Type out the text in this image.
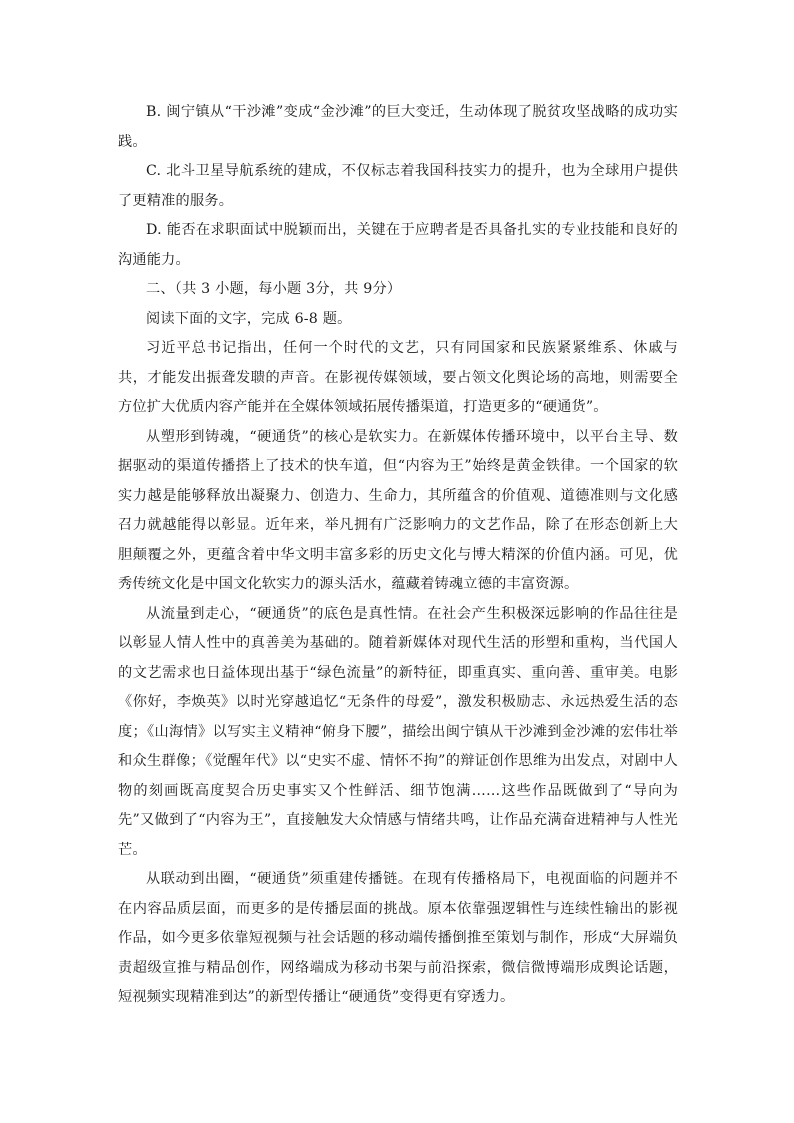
B. 闽宁镇从“干沙滩”变成“金沙滩”的巨大变迁，生动体现了脱贫攻坚战略的成功实践。

C. 北斗卫星导航系统的建成，不仅标志着我国科技实力的提升，也为全球用户提供了更精准的服务。

D. 能否在求职面试中脱颖而出，关键在于应聘者是否具备扎实的专业技能和良好的沟通能力。

二、（共 3 小题，每小题 3分，共 9分）

阅读下面的文字，完成 6-8 题。

习近平总书记指出，任何一个时代的文艺，只有同国家和民族紧紧维系、休戚与共，才能发出振聋发聩的声音。在影视传媒领域，要占领文化舆论场的高地，则需要全方位扩大优质内容产能并在全媒体领域拓展传播渠道，打造更多的“硬通货”。

从塑形到铸魂，“硬通货”的核心是软实力。在新媒体传播环境中，以平台主导、数据驱动的渠道传播搭上了技术的快车道，但“内容为王”始终是黄金铁律。一个国家的软实力越是能够释放出凝聚力、创造力、生命力，其所蕴含的价值观、道德准则与文化感召力就越能得以彰显。近年来，举凡拥有广泛影响力的文艺作品，除了在形态创新上大胆颠覆之外，更蕴含着中华文明丰富多彩的历史文化与博大精深的价值内涵。可见，优秀传统文化是中国文化软实力的源头活水，蕴藏着铸魂立德的丰富资源。

从流量到走心，“硬通货”的底色是真性情。在社会产生积极深远影响的作品往往是以彰显人情人性中的真善美为基础的。随着新媒体对现代生活的形塑和重构，当代国人的文艺需求也日益体现出基于“绿色流量”的新特征，即重真实、重向善、重审美。电影《你好，李焕英》以时光穿越追忆“无条件的母爱”，激发积极励志、永远热爱生活的态度；《山海情》以写实主义精神“俯身下腰”，描绘出闽宁镇从干沙滩到金沙滩的宏伟壮举和众生群像；《觉醒年代》以“史实不虚、情怀不拘”的辩证创作思维为出发点，对剧中人物的刻画既高度契合历史事实又个性鲜活、细节饱满……这些作品既做到了“导向为先”又做到了“内容为王”，直接触发大众情感与情绪共鸣，让作品充满奋进精神与人性光芒。

从联动到出圈，“硬通货”须重建传播链。在现有传播格局下，电视面临的问题并不在内容品质层面，而更多的是传播层面的挑战。原本依靠强逻辑性与连续性输出的影视作品，如今更多依靠短视频与社会话题的移动端传播倒推至策划与制作，形成“大屏端负责超级宣推与精品创作，网络端成为移动书架与前沿探索，微信微博端形成舆论话题，短视频实现精准到达”的新型传播让“硬通货”变得更有穿透力。
